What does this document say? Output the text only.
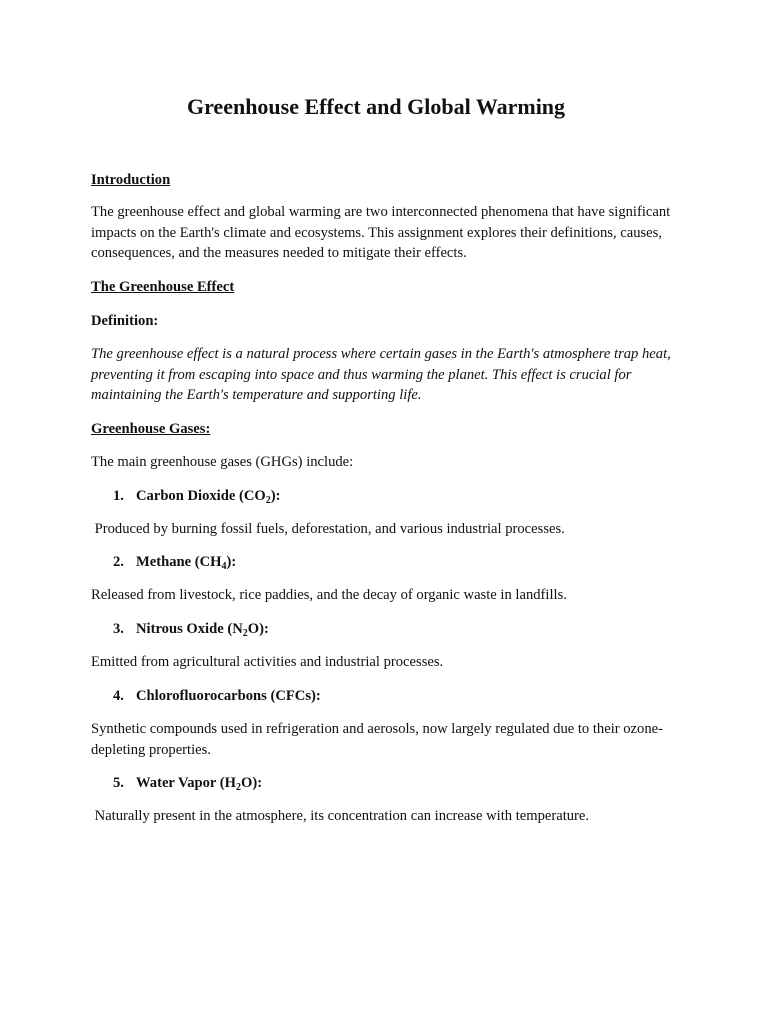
Greenhouse Effect and Global Warming

Introduction

The greenhouse effect and global warming are two interconnected phenomena that have significant impacts on the Earth's climate and ecosystems. This assignment explores their definitions, causes, consequences, and the measures needed to mitigate their effects.

The Greenhouse Effect

Definition:

The greenhouse effect is a natural process where certain gases in the Earth's atmosphere trap heat, preventing it from escaping into space and thus warming the planet. This effect is crucial for maintaining the Earth's temperature and supporting life.

Greenhouse Gases:

The main greenhouse gases (GHGs) include:

1. Carbon Dioxide $(CO_2)$:

Produced by burning fossil fuels, deforestation, and various industrial processes.

2. Methane $(CH_4)$:

Released from livestock, rice paddies, and the decay of organic waste in landfills.

3. Nitrous Oxide $(N_2O)$:

Emitted from agricultural activities and industrial processes.

4. Chlorofluorocarbons (CFCs):

Synthetic compounds used in refrigeration and aerosols, now largely regulated due to their ozone-depleting properties.

5. Water Vapor $(H_2O)$:

Naturally present in the atmosphere, its concentration can increase with temperature.
